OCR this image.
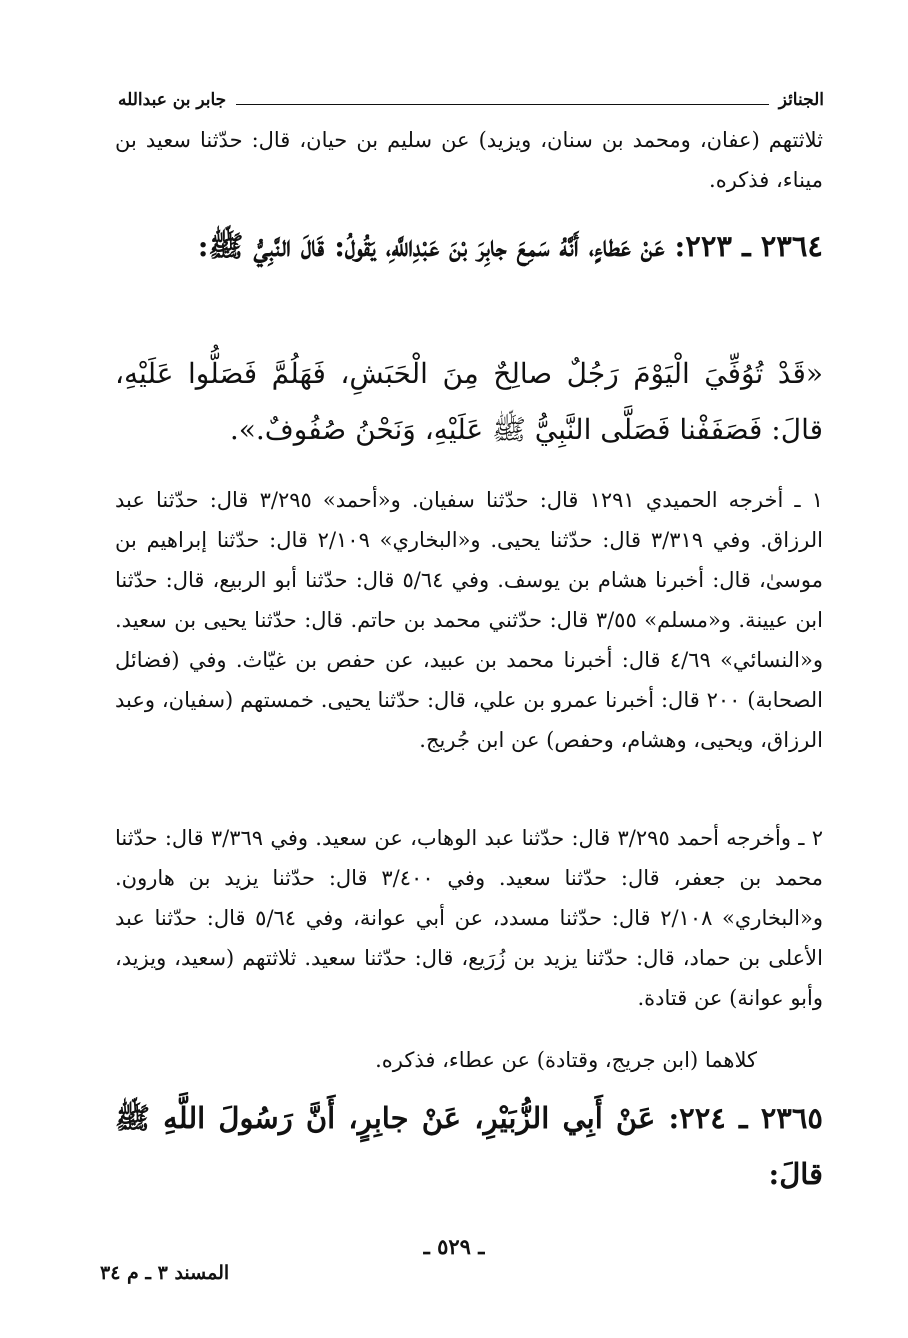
الجنائز
جابر بن عبدالله

ثلاثتهم (عفان، ومحمد بن سنان، ويزيد) عن سليم بن حيان، قال: حدّثنا سعيد بن ميناء، فذكره.

٢٣٦٤ ـ ٢٢٣: عَنْ عَطاءٍ، أَنَّهُ سَمِعَ جابِرَ بْنَ عَبْدِاللَّهِ، يَقُولُ: قَالَ النَّبِيُّ ﷺ:

«قَدْ تُوُفِّيَ الْيَوْمَ رَجُلٌ صالِحٌ مِنَ الْحَبَشِ، فَهَلُمَّ فَصَلُّوا عَلَيْهِ، قالَ: فَصَفَفْنا فَصَلَّى النَّبِيُّ ﷺ عَلَيْهِ، وَنَحْنُ صُفُوفٌ.».

١ ـ أخرجه الحميدي ١٢٩١ قال: حدّثنا سفيان. و«أحمد» ٣/٢٩٥ قال: حدّثنا عبد الرزاق. وفي ٣/٣١٩ قال: حدّثنا يحيى. و«البخاري» ٢/١٠٩ قال: حدّثنا إبراهيم بن موسىٰ، قال: أخبرنا هشام بن يوسف. وفي ٥/٦٤ قال: حدّثنا أبو الربيع، قال: حدّثنا ابن عيينة. و«مسلم» ٣/٥٥ قال: حدّثني محمد بن حاتم. قال: حدّثنا يحيى بن سعيد. و«النسائي» ٤/٦٩ قال: أخبرنا محمد بن عبيد، عن حفص بن غيّاث. وفي (فضائل الصحابة) ٢٠٠ قال: أخبرنا عمرو بن علي، قال: حدّثنا يحيى. خمستهم (سفيان، وعبد الرزاق، ويحيى، وهشام، وحفص) عن ابن جُريج.

٢ ـ وأخرجه أحمد ٣/٢٩٥ قال: حدّثنا عبد الوهاب، عن سعيد. وفي ٣/٣٦٩ قال: حدّثنا محمد بن جعفر، قال: حدّثنا سعيد. وفي ٣/٤٠٠ قال: حدّثنا يزيد بن هارون. و«البخاري» ٢/١٠٨ قال: حدّثنا مسدد، عن أبي عوانة، وفي ٥/٦٤ قال: حدّثنا عبد الأعلى بن حماد، قال: حدّثنا يزيد بن زُرَيع، قال: حدّثنا سعيد. ثلاثتهم (سعيد، ويزيد، وأبو عوانة) عن قتادة.

كلاهما (ابن جريج، وقتادة) عن عطاء، فذكره.

٢٣٦٥ ـ ٢٢٤: عَنْ أَبِي الزُّبَيْرِ، عَنْ جابِرٍ، أَنَّ رَسُولَ اللَّهِ ﷺ قالَ:

ـ ٥٢٩ ـ
المسند ٣ ـ م ٣٤
